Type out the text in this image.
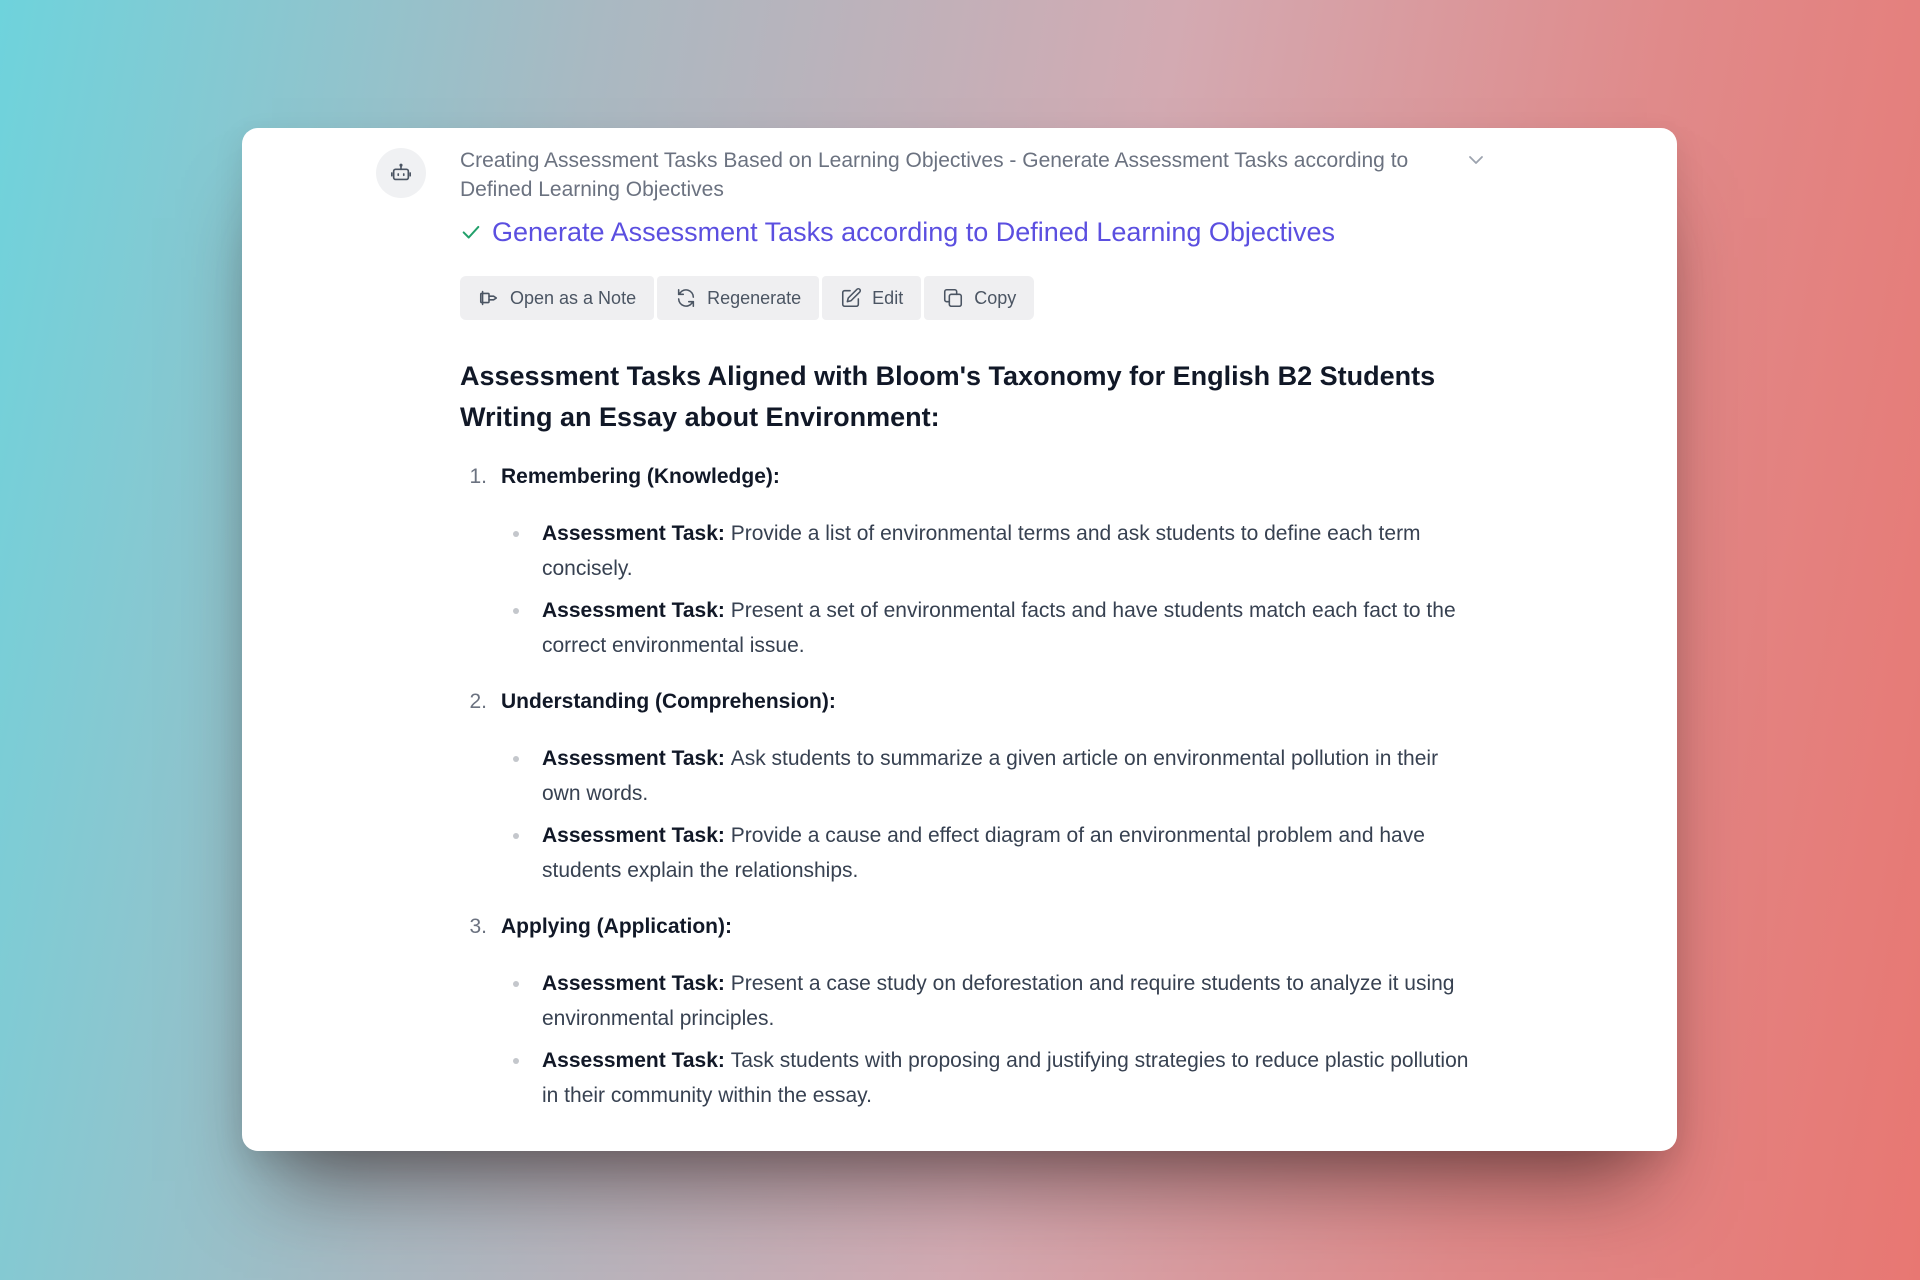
Creating Assessment Tasks Based on Learning Objectives - Generate Assessment Tasks according to Defined Learning Objectives
Generate Assessment Tasks according to Defined Learning Objectives
Open as a Note	Regenerate	Edit	Copy
Assessment Tasks Aligned with Bloom's Taxonomy for English B2 Students Writing an Essay about Environment:
1. Remembering (Knowledge):
Assessment Task: Provide a list of environmental terms and ask students to define each term concisely.
Assessment Task: Present a set of environmental facts and have students match each fact to the correct environmental issue.
2. Understanding (Comprehension):
Assessment Task: Ask students to summarize a given article on environmental pollution in their own words.
Assessment Task: Provide a cause and effect diagram of an environmental problem and have students explain the relationships.
3. Applying (Application):
Assessment Task: Present a case study on deforestation and require students to analyze it using environmental principles.
Assessment Task: Task students with proposing and justifying strategies to reduce plastic pollution in their community within the essay.
